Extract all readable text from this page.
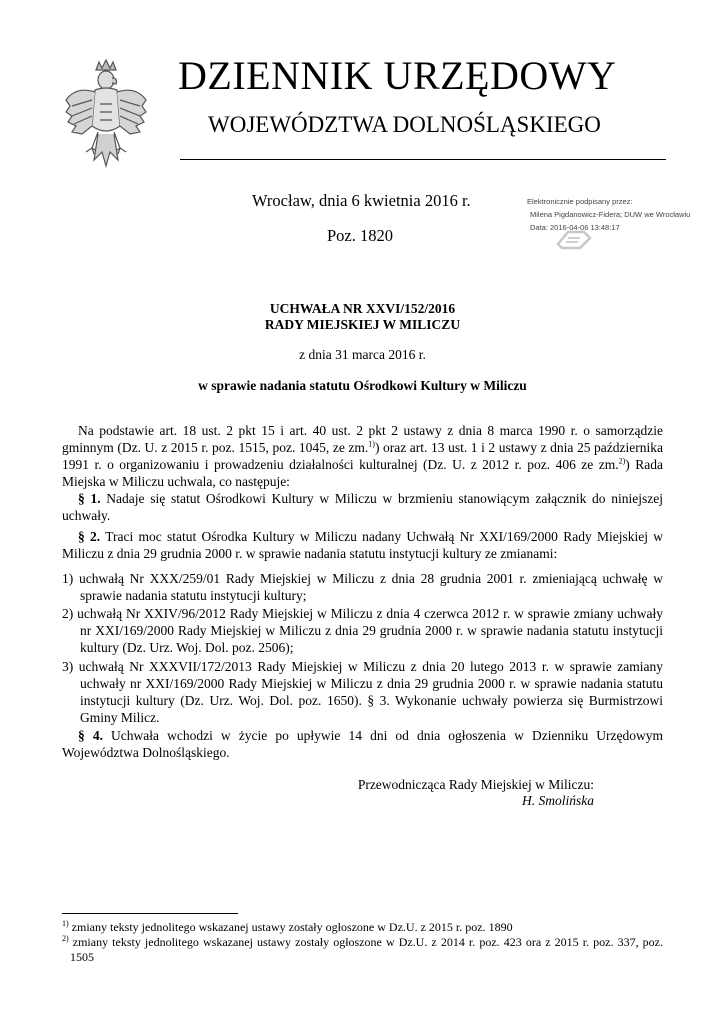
DZIENNIK URZĘDOWY
WOJEWÓDZTWA DOLNOŚLĄSKIEGO
Wrocław, dnia 6 kwietnia 2016 r.
Poz. 1820
Elektronicznie podpisany przez:
Milena Pigdanowicz-Fidera; DUW we Wrocławiu
Data: 2016-04-06 13:48:17
UCHWAŁA NR XXVI/152/2016
RADY MIEJSKIEJ W MILICZU
z dnia 31 marca 2016 r.
w sprawie nadania statutu Ośrodkowi Kultury w Miliczu
Na podstawie art. 18 ust. 2 pkt 15 i art. 40 ust. 2 pkt 2 ustawy z dnia 8 marca 1990 r. o samorządzie gminnym (Dz. U. z 2015 r. poz. 1515, poz. 1045, ze zm.$^{1)}$) oraz art. 13 ust. 1 i 2 ustawy z dnia 25 października 1991 r. o organizowaniu i prowadzeniu działalności kulturalnej (Dz. U. z 2012 r. poz. 406 ze zm.$^{2)}$) Rada Miejska w Miliczu uchwala, co następuje:
§ 1. Nadaje się statut Ośrodkowi Kultury w Miliczu w brzmieniu stanowiącym załącznik do niniejszej uchwały.
§ 2. Traci moc statut Ośrodka Kultury w Miliczu nadany Uchwałą Nr XXI/169/2000 Rady Miejskiej w Miliczu z dnia 29 grudnia 2000 r. w sprawie nadania statutu instytucji kultury ze zmianami:
1) uchwałą Nr XXX/259/01 Rady Miejskiej w Miliczu z dnia 28 grudnia 2001 r. zmieniającą uchwałę w sprawie nadania statutu instytucji kultury;
2) uchwałą Nr XXIV/96/2012 Rady Miejskiej w Miliczu z dnia 4 czerwca 2012 r. w sprawie zmiany uchwały nr XXI/169/2000 Rady Miejskiej w Miliczu z dnia 29 grudnia 2000 r. w sprawie nadania statutu instytucji kultury (Dz. Urz. Woj. Dol. poz. 2506);
3) uchwałą Nr XXXVII/172/2013 Rady Miejskiej w Miliczu z dnia 20 lutego 2013 r. w sprawie zamiany uchwały nr XXI/169/2000 Rady Miejskiej w Miliczu z dnia 29 grudnia 2000 r. w sprawie nadania statutu instytucji kultury (Dz. Urz. Woj. Dol. poz. 1650). § 3. Wykonanie uchwały powierza się Burmistrzowi Gminy Milicz.
§ 4. Uchwała wchodzi w życie po upływie 14 dni od dnia ogłoszenia w Dzienniku Urzędowym Województwa Dolnośląskiego.
Przewodnicząca Rady Miejskiej w Miliczu:
H. Smolińska
$^{1)}$ zmiany teksty jednolitego wskazanej ustawy zostały ogłoszone w Dz.U. z 2015 r. poz. 1890
$^{2)}$ zmiany teksty jednolitego wskazanej ustawy zostały ogłoszone w Dz.U. z 2014 r. poz. 423 ora z 2015 r. poz. 337, poz. 1505
